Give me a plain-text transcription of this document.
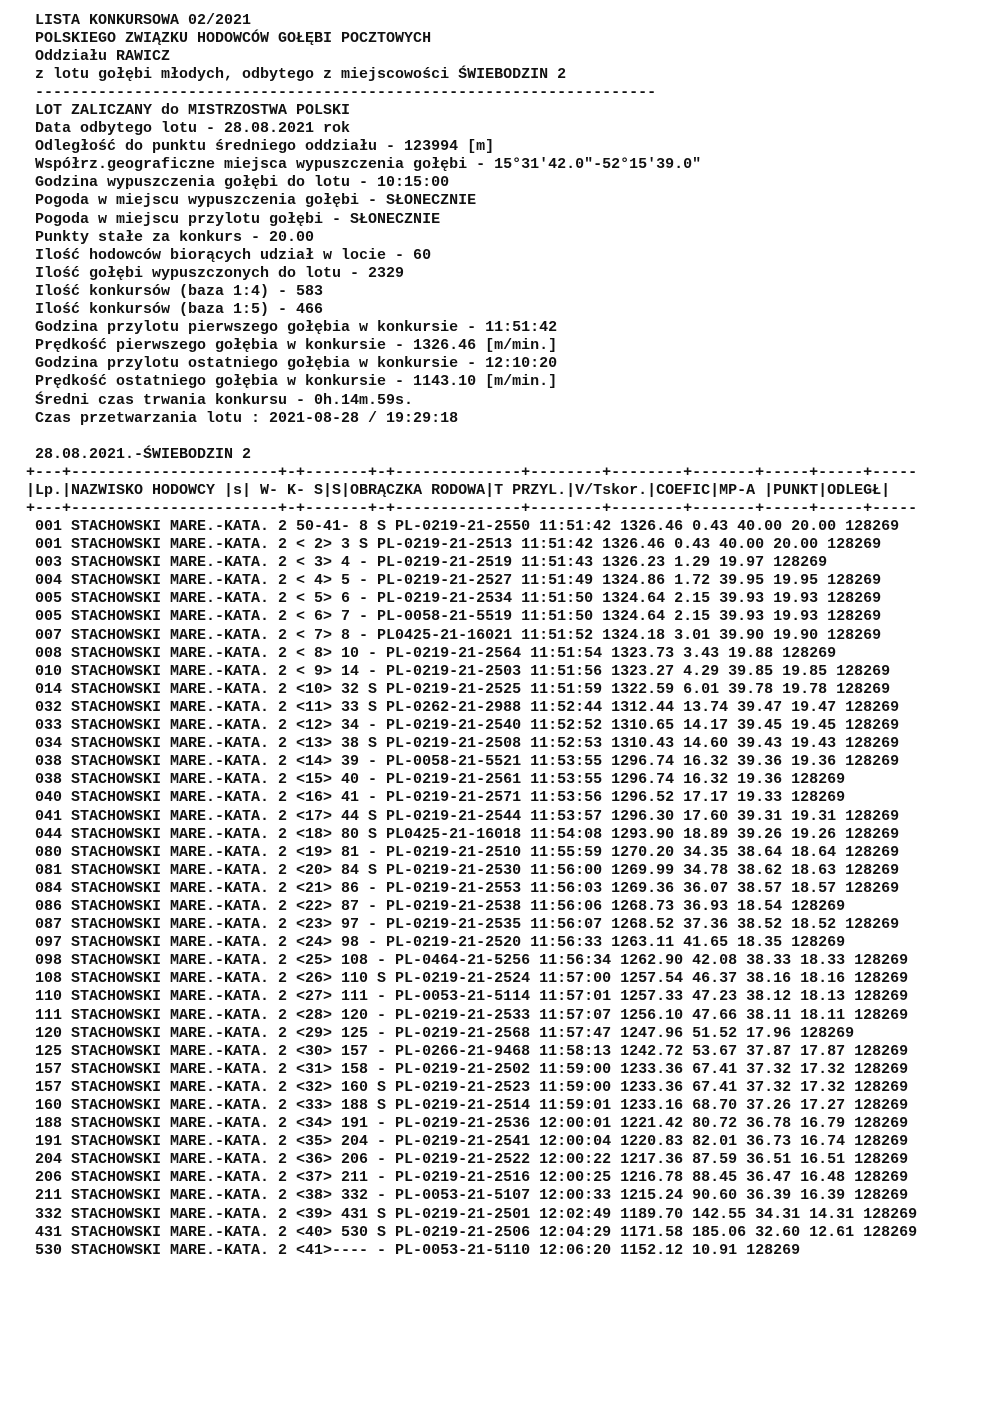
LISTA KONKURSOWA 02/2021
POLSKIEGO ZWIĄZKU HODOWCÓW GOŁĘBI POCZTOWYCH
Oddziału RAWICZ
z lotu gołębi młodych, odbytego z miejscowości ŚWIEBODZIN 2
---------------------------------------------------------------------
LOT ZALICZANY do MISTRZOSTWA POLSKI
Data odbytego lotu - 28.08.2021 rok
Odległość do punktu średniego oddziału - 123994 [m]
Współrz.geograficzne miejsca wypuszczenia gołębi - 15°31'42.0"-52°15'39.0"
Godzina wypuszczenia gołębi do lotu - 10:15:00
Pogoda w miejscu wypuszczenia gołębi - SŁONECZNIE
Pogoda w miejscu przylotu gołębi - SŁONECZNIE
Punkty stałe za konkurs - 20.00
Ilość hodowców biorących udział w locie - 60
Ilość gołębi wypuszczonych do lotu - 2329
Ilość konkursów (baza 1:4) - 583
Ilość konkursów (baza 1:5) - 466
Godzina przylotu pierwszego gołębia w konkursie - 11:51:42
Prędkość pierwszego gołębia w konkursie - 1326.46 [m/min.]
Godzina przylotu ostatniego gołębia w konkursie - 12:10:20
Prędkość ostatniego gołębia w konkursie - 1143.10 [m/min.]
Średni czas trwania konkursu - 0h.14m.59s.
Czas przetwarzania lotu : 2021-08-28 / 19:29:18
28.08.2021.-ŚWIEBODZIN 2
+---+-----------------------+-+-------+-+--------------+--------+--------+-------+-----+-----+-----
|Lp.|NAZWISKO HODOWCY |s| W- K- S|S|OBRĄCZKA RODOWA|T PRZYL.|V/Tskor.|COEFIC|MP-A |PUNKT|ODLEGŁ|
+---+-----------------------+-+-------+-+--------------+--------+--------+-------+-----+-----+-----
001 STACHOWSKI MARE.-KATA. 2 50-41- 8 S PL-0219-21-2550 11:51:42 1326.46 0.43 40.00 20.00 128269
001 STACHOWSKI MARE.-KATA. 2 < 2> 3 S PL-0219-21-2513 11:51:42 1326.46 0.43 40.00 20.00 128269
003 STACHOWSKI MARE.-KATA. 2 < 3> 4 - PL-0219-21-2519 11:51:43 1326.23 1.29 19.97 128269
004 STACHOWSKI MARE.-KATA. 2 < 4> 5 - PL-0219-21-2527 11:51:49 1324.86 1.72 39.95 19.95 128269
005 STACHOWSKI MARE.-KATA. 2 < 5> 6 - PL-0219-21-2534 11:51:50 1324.64 2.15 39.93 19.93 128269
005 STACHOWSKI MARE.-KATA. 2 < 6> 7 - PL-0058-21-5519 11:51:50 1324.64 2.15 39.93 19.93 128269
007 STACHOWSKI MARE.-KATA. 2 < 7> 8 - PL0425-21-16021 11:51:52 1324.18 3.01 39.90 19.90 128269
008 STACHOWSKI MARE.-KATA. 2 < 8> 10 - PL-0219-21-2564 11:51:54 1323.73 3.43 19.88 128269
010 STACHOWSKI MARE.-KATA. 2 < 9> 14 - PL-0219-21-2503 11:51:56 1323.27 4.29 39.85 19.85 128269
014 STACHOWSKI MARE.-KATA. 2 <10> 32 S PL-0219-21-2525 11:51:59 1322.59 6.01 39.78 19.78 128269
032 STACHOWSKI MARE.-KATA. 2 <11> 33 S PL-0262-21-2988 11:52:44 1312.44 13.74 39.47 19.47 128269
033 STACHOWSKI MARE.-KATA. 2 <12> 34 - PL-0219-21-2540 11:52:52 1310.65 14.17 39.45 19.45 128269
034 STACHOWSKI MARE.-KATA. 2 <13> 38 S PL-0219-21-2508 11:52:53 1310.43 14.60 39.43 19.43 128269
038 STACHOWSKI MARE.-KATA. 2 <14> 39 - PL-0058-21-5521 11:53:55 1296.74 16.32 39.36 19.36 128269
038 STACHOWSKI MARE.-KATA. 2 <15> 40 - PL-0219-21-2561 11:53:55 1296.74 16.32 19.36 128269
040 STACHOWSKI MARE.-KATA. 2 <16> 41 - PL-0219-21-2571 11:53:56 1296.52 17.17 19.33 128269
041 STACHOWSKI MARE.-KATA. 2 <17> 44 S PL-0219-21-2544 11:53:57 1296.30 17.60 39.31 19.31 128269
044 STACHOWSKI MARE.-KATA. 2 <18> 80 S PL0425-21-16018 11:54:08 1293.90 18.89 39.26 19.26 128269
080 STACHOWSKI MARE.-KATA. 2 <19> 81 - PL-0219-21-2510 11:55:59 1270.20 34.35 38.64 18.64 128269
081 STACHOWSKI MARE.-KATA. 2 <20> 84 S PL-0219-21-2530 11:56:00 1269.99 34.78 38.62 18.63 128269
084 STACHOWSKI MARE.-KATA. 2 <21> 86 - PL-0219-21-2553 11:56:03 1269.36 36.07 38.57 18.57 128269
086 STACHOWSKI MARE.-KATA. 2 <22> 87 - PL-0219-21-2538 11:56:06 1268.73 36.93 18.54 128269
087 STACHOWSKI MARE.-KATA. 2 <23> 97 - PL-0219-21-2535 11:56:07 1268.52 37.36 38.52 18.52 128269
097 STACHOWSKI MARE.-KATA. 2 <24> 98 - PL-0219-21-2520 11:56:33 1263.11 41.65 18.35 128269
098 STACHOWSKI MARE.-KATA. 2 <25> 108 - PL-0464-21-5256 11:56:34 1262.90 42.08 38.33 18.33 128269
108 STACHOWSKI MARE.-KATA. 2 <26> 110 S PL-0219-21-2524 11:57:00 1257.54 46.37 38.16 18.16 128269
110 STACHOWSKI MARE.-KATA. 2 <27> 111 - PL-0053-21-5114 11:57:01 1257.33 47.23 38.12 18.13 128269
111 STACHOWSKI MARE.-KATA. 2 <28> 120 - PL-0219-21-2533 11:57:07 1256.10 47.66 38.11 18.11 128269
120 STACHOWSKI MARE.-KATA. 2 <29> 125 - PL-0219-21-2568 11:57:47 1247.96 51.52 17.96 128269
125 STACHOWSKI MARE.-KATA. 2 <30> 157 - PL-0266-21-9468 11:58:13 1242.72 53.67 37.87 17.87 128269
157 STACHOWSKI MARE.-KATA. 2 <31> 158 - PL-0219-21-2502 11:59:00 1233.36 67.41 37.32 17.32 128269
157 STACHOWSKI MARE.-KATA. 2 <32> 160 S PL-0219-21-2523 11:59:00 1233.36 67.41 37.32 17.32 128269
160 STACHOWSKI MARE.-KATA. 2 <33> 188 S PL-0219-21-2514 11:59:01 1233.16 68.70 37.26 17.27 128269
188 STACHOWSKI MARE.-KATA. 2 <34> 191 - PL-0219-21-2536 12:00:01 1221.42 80.72 36.78 16.79 128269
191 STACHOWSKI MARE.-KATA. 2 <35> 204 - PL-0219-21-2541 12:00:04 1220.83 82.01 36.73 16.74 128269
204 STACHOWSKI MARE.-KATA. 2 <36> 206 - PL-0219-21-2522 12:00:22 1217.36 87.59 36.51 16.51 128269
206 STACHOWSKI MARE.-KATA. 2 <37> 211 - PL-0219-21-2516 12:00:25 1216.78 88.45 36.47 16.48 128269
211 STACHOWSKI MARE.-KATA. 2 <38> 332 - PL-0053-21-5107 12:00:33 1215.24 90.60 36.39 16.39 128269
332 STACHOWSKI MARE.-KATA. 2 <39> 431 S PL-0219-21-2501 12:02:49 1189.70 142.55 34.31 14.31 128269
431 STACHOWSKI MARE.-KATA. 2 <40> 530 S PL-0219-21-2506 12:04:29 1171.58 185.06 32.60 12.61 128269
530 STACHOWSKI MARE.-KATA. 2 <41>---- - PL-0053-21-5110 12:06:20 1152.12 10.91 128269
